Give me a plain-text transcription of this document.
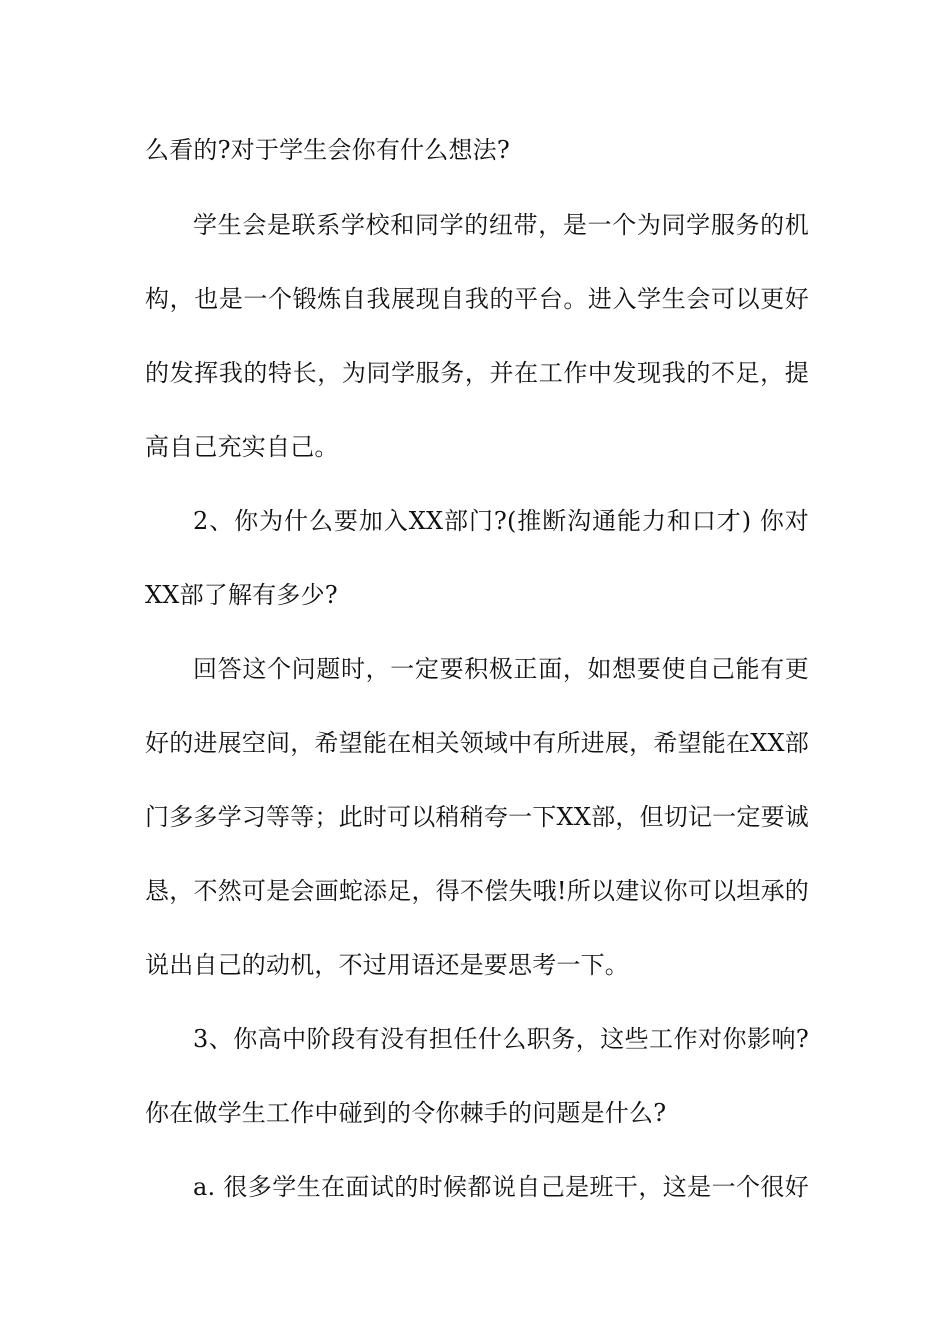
么看的?对于学生会你有什么想法?
学生会是联系学校和同学的纽带，是一个为同学服务的机
构，也是一个锻炼自我展现自我的平台。进入学生会可以更好
的发挥我的特长，为同学服务，并在工作中发现我的不足，提
高自己充实自己。
2、你为什么要加入XX部门?(推断沟通能力和口才) 你对
XX部了解有多少?
回答这个问题时，一定要积极正面，如想要使自己能有更
好的进展空间，希望能在相关领域中有所进展，希望能在XX部
门多多学习等等；此时可以稍稍夸一下XX部，但切记一定要诚
恳，不然可是会画蛇添足，得不偿失哦!所以建议你可以坦承的
说出自己的动机，不过用语还是要思考一下。
3、你高中阶段有没有担任什么职务，这些工作对你影响?
你在做学生工作中碰到的令你棘手的问题是什么?
a. 很多学生在面试的时候都说自己是班干，这是一个很好
